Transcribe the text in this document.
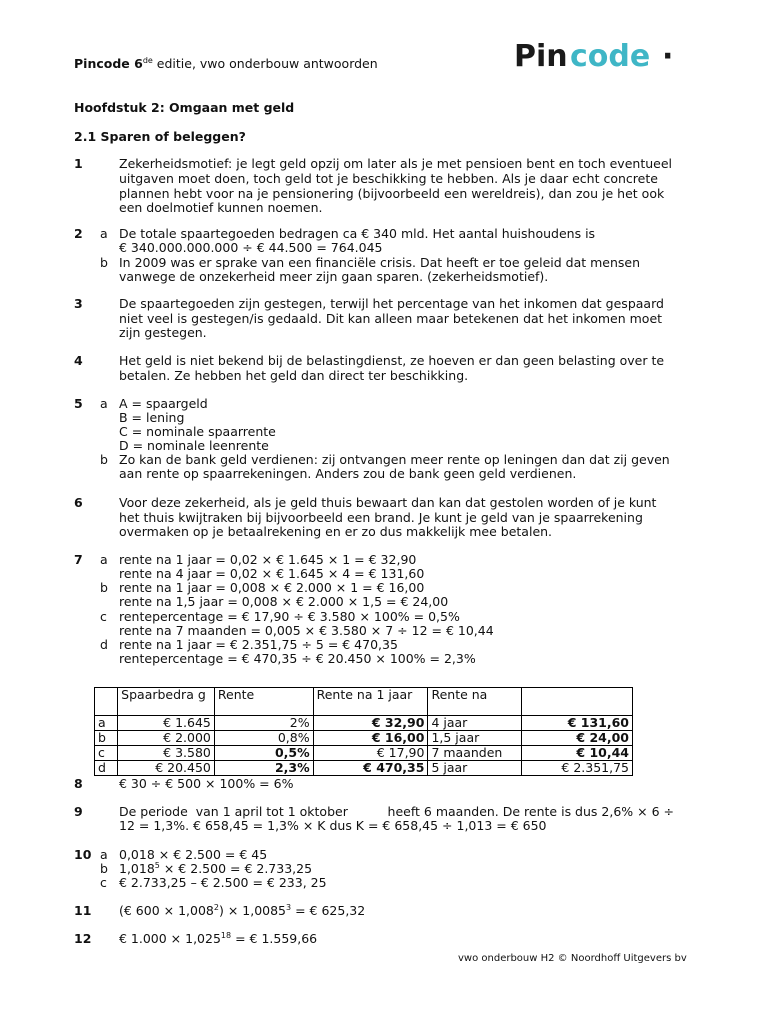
Pincode 6de editie, vwo onderbouw antwoorden	Pin code ·
Hoofdstuk 2: Omgaan met geld
2.1 Sparen of beleggen?
1	Zekerheidsmotief: je legt geld opzij om later als je met pensioen bent en toch eventueel
uitgaven moet doen, toch geld tot je beschikking te hebben. Als je daar echt concrete
plannen hebt voor na je pensionering (bijvoorbeeld een wereldreis), dan zou je het ook
een doelmotief kunnen noemen.
2 a De totale spaartegoeden bedragen ca € 340 mld. Het aantal huishoudens is
€ 340.000.000.000 ÷ € 44.500 = 764.045
b In 2009 was er sprake van een financiële crisis. Dat heeft er toe geleid dat mensen
vanwege de onzekerheid meer zijn gaan sparen. (zekerheidsmotief).
3	De spaartegoeden zijn gestegen, terwijl het percentage van het inkomen dat gespaard
niet veel is gestegen/is gedaald. Dit kan alleen maar betekenen dat het inkomen moet
zijn gestegen.
4	Het geld is niet bekend bij de belastingdienst, ze hoeven er dan geen belasting over te
betalen. Ze hebben het geld dan direct ter beschikking.
5 a A = spaargeld
B = lening
C = nominale spaarrente
D = nominale leenrente
b Zo kan de bank geld verdienen: zij ontvangen meer rente op leningen dan dat zij geven
aan rente op spaarrekeningen. Anders zou de bank geen geld verdienen.
6	Voor deze zekerheid, als je geld thuis bewaart dan kan dat gestolen worden of je kunt
het thuis kwijtraken bij bijvoorbeeld een brand. Je kunt je geld van je spaarrekening
overmaken op je betaalrekening en er zo dus makkelijk mee betalen.
7 a rente na 1 jaar = 0,02 × € 1.645 × 1 = € 32,90
rente na 4 jaar = 0,02 × € 1.645 × 4 = € 131,60
b rente na 1 jaar = 0,008 × € 2.000 × 1 = € 16,00
rente na 1,5 jaar = 0,008 × € 2.000 × 1,5 = € 24,00
c rentepercentage = € 17,90 ÷ € 3.580 × 100% = 0,5%
rente na 7 maanden = 0,005 × € 3.580 × 7 ÷ 12 = € 10,44
d rente na 1 jaar = € 2.351,75 ÷ 5 = € 470,35
rentepercentage = € 470,35 ÷ € 20.450 × 100% = 2,3%
	Spaarbedra g	Rente	Rente na 1 jaar	Rente na	
a	€ 1.645	2%	€ 32,90	4 jaar	€ 131,60
b	€ 2.000	0,8%	€ 16,00	1,5 jaar	€ 24,00
c	€ 3.580	0,5%	€ 17,90	7 maanden	€ 10,44
d	€ 20.450	2,3%	€ 470,35	5 jaar	€ 2.351,75
8	€ 30 ÷ € 500 × 100% = 6%
9	De periode  van 1 april tot 1 oktober          heeft 6 maanden. De rente is dus 2,6% × 6 ÷
12 = 1,3%. € 658,45 = 1,3% × K dus K = € 658,45 ÷ 1,013 = € 650
10 a 0,018 × € 2.500 = € 45
b $1,018^5$ × € 2.500 = € 2.733,25
c € 2.733,25 – € 2.500 = € 233, 25
11 (€ $600 \times 1,008^2) \times 1,0085^3$ = € 625,32
12 € $1.000 \times 1,025^{18}$ = € 1.559,66
vwo onderbouw H2 © Noordhoff Uitgevers bv
